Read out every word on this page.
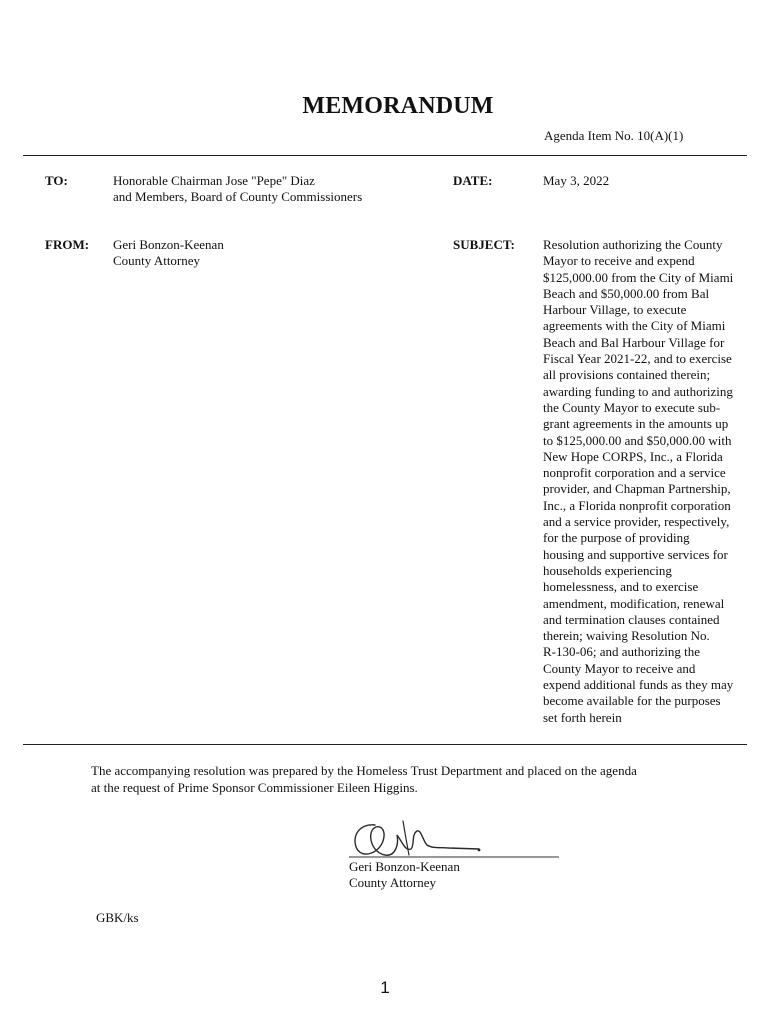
MEMORANDUM
Agenda Item No. 10(A)(1)
TO:	Honorable Chairman Jose "Pepe" Diaz
and Members, Board of County Commissioners
DATE:	May 3, 2022
FROM: Geri Bonzon-Keenan
County Attorney
SUBJECT: Resolution authorizing the County
Mayor to receive and expend
$125,000.00 from the City of Miami
Beach and $50,000.00 from Bal
Harbour Village, to execute
agreements with the City of Miami
Beach and Bal Harbour Village for
Fiscal Year 2021-22, and to exercise
all provisions contained therein;
awarding funding to and authorizing
the County Mayor to execute sub-
grant agreements in the amounts up
to $125,000.00 and $50,000.00 with
New Hope CORPS, Inc., a Florida
nonprofit corporation and a service
provider, and Chapman Partnership,
Inc., a Florida nonprofit corporation
and a service provider, respectively,
for the purpose of providing
housing and supportive services for
households experiencing
homelessness, and to exercise
amendment, modification, renewal
and termination clauses contained
therein; waiving Resolution No.
R-130-06; and authorizing the
County Mayor to receive and
expend additional funds as they may
become available for the purposes
set forth herein
The accompanying resolution was prepared by the Homeless Trust Department and placed on the agenda
at the request of Prime Sponsor Commissioner Eileen Higgins.
Geri Bonzon-Keenan
County Attorney
GBK/ks
1
